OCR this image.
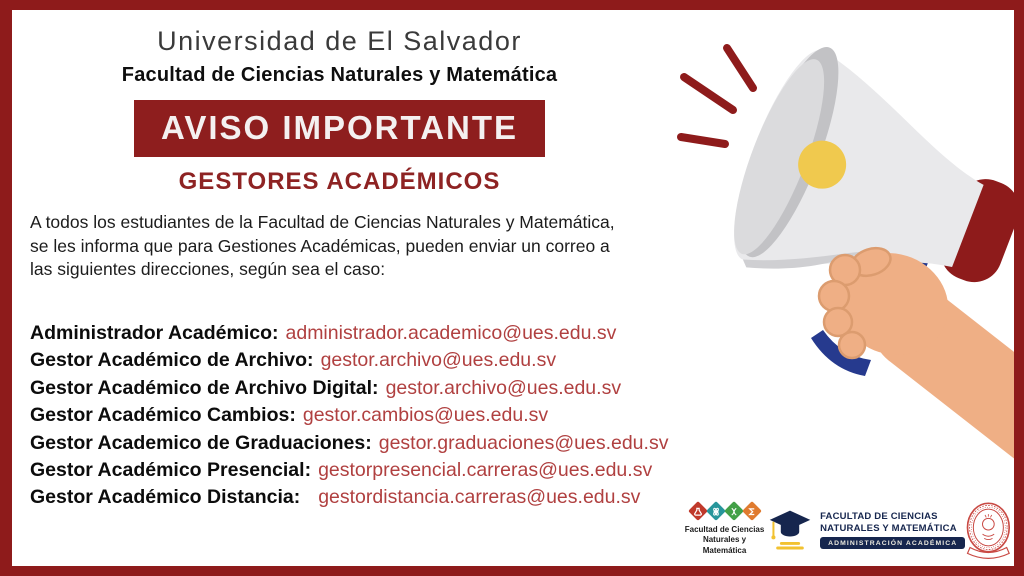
Universidad de El Salvador
Facultad de Ciencias Naturales y Matemática
AVISO IMPORTANTE
GESTORES ACADÉMICOS
A todos los estudiantes de la Facultad de Ciencias Naturales y Matemática,
se les informa que para Gestiones Académicas, pueden enviar un correo a
las siguientes direcciones, según sea el caso:
Administrador Académico: administrador.academico@ues.edu.sv
Gestor Académico de Archivo: gestor.archivo@ues.edu.sv
Gestor Académico de Archivo Digital: gestor.archivo@ues.edu.sv
Gestor Académico Cambios: gestor.cambios@ues.edu.sv
Gestor Academico de Graduaciones: gestor.graduaciones@ues.edu.sv
Gestor Académico Presencial: gestorpresencial.carreras@ues.edu.sv
Gestor Académico Distancia: gestordistancia.carreras@ues.edu.sv
Facultad de Ciencias
Naturales y Matemática
FACULTAD DE CIENCIAS
NATURALES Y MATEMÁTICA
ADMINISTRACIÓN ACADÉMICA
